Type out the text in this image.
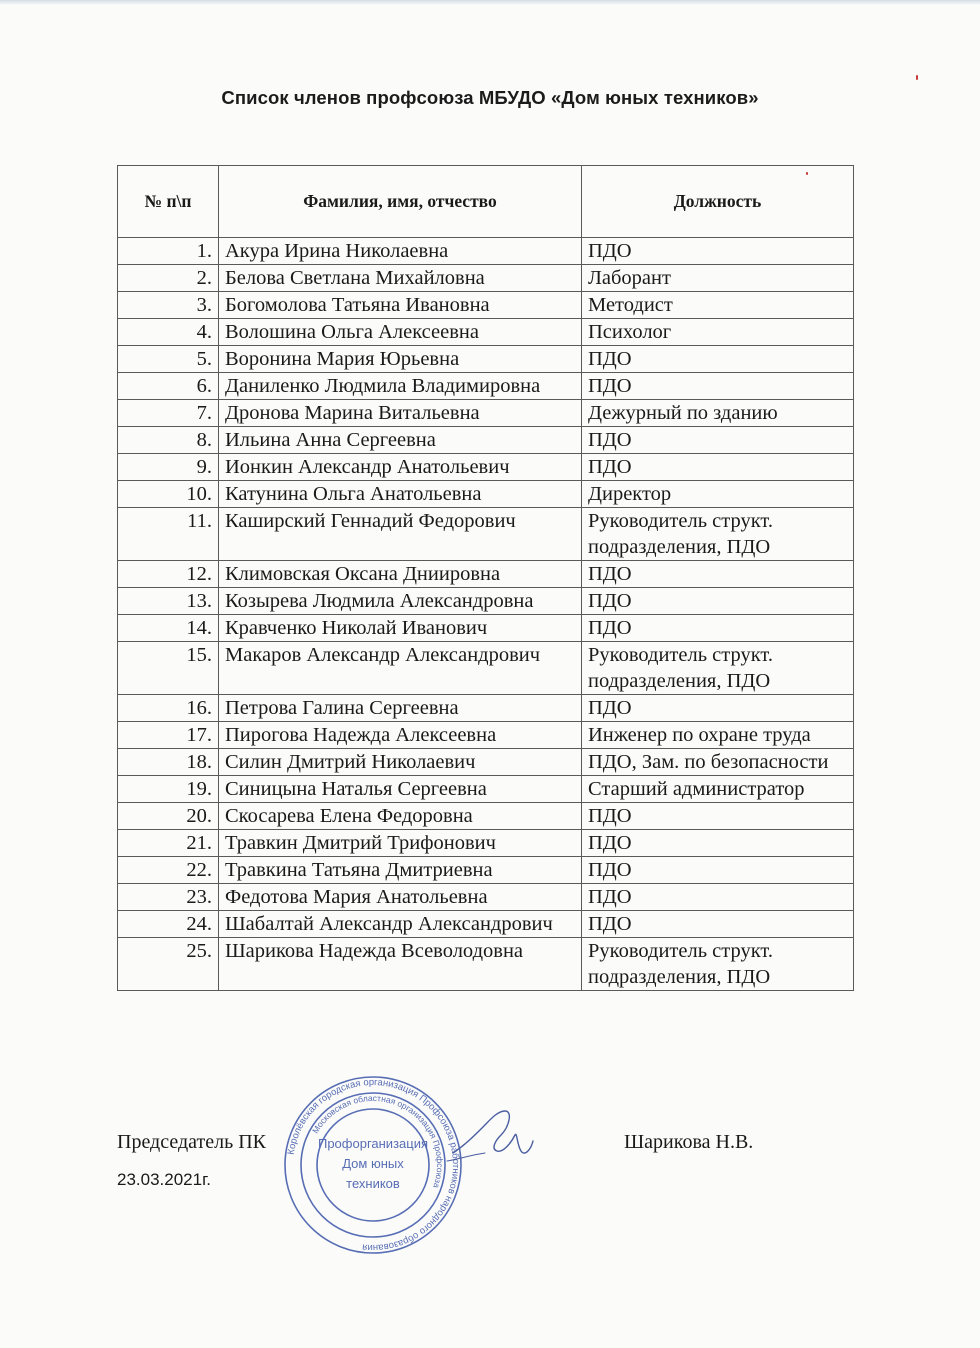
Список членов профсоюза МБУДО «Дом юных техников»
№ п\п	Фамилия, имя, отчество	Должность
1.	Акура Ирина Николаевна	ПДО
2.	Белова Светлана Михайловна	Лаборант
3.	Богомолова Татьяна Ивановна	Методист
4.	Волошина Ольга Алексеевна	Психолог
5.	Воронина Мария Юрьевна	ПДО
6.	Даниленко Людмила Владимировна	ПДО
7.	Дронова Марина Витальевна	Дежурный по зданию
8.	Ильина Анна Сергеевна	ПДО
9.	Ионкин Александр Анатольевич	ПДО
10.	Катунина Ольга Анатольевна	Директор
11.	Каширский Геннадий Федорович	Руководитель структ. подразделения, ПДО
12.	Климовская Оксана Дниировна	ПДО
13.	Козырева Людмила Александровна	ПДО
14.	Кравченко Николай Иванович	ПДО
15.	Макаров Александр Александрович	Руководитель структ. подразделения, ПДО
16.	Петрова Галина Сергеевна	ПДО
17.	Пирогова Надежда Алексеевна	Инженер по охране труда
18.	Силин Дмитрий Николаевич	ПДО, Зам. по безопасности
19.	Синицына Наталья Сергеевна	Старший администратор
20.	Скосарева Елена Федоровна	ПДО
21.	Травкин Дмитрий Трифонович	ПДО
22.	Травкина Татьяна Дмитриевна	ПДО
23.	Федотова Мария Анатольевна	ПДО
24.	Шабалтай Александр Александрович	ПДО
25.	Шарикова Надежда Всеволодовна	Руководитель структ. подразделения, ПДО
Председатель ПК
23.03.2021г.
Шарикова Н.В.
Королёвская городская организация Профсоюза работников народного образования
Московская областная организация Профсоюза
Профорганизация
Дом юных
техников
